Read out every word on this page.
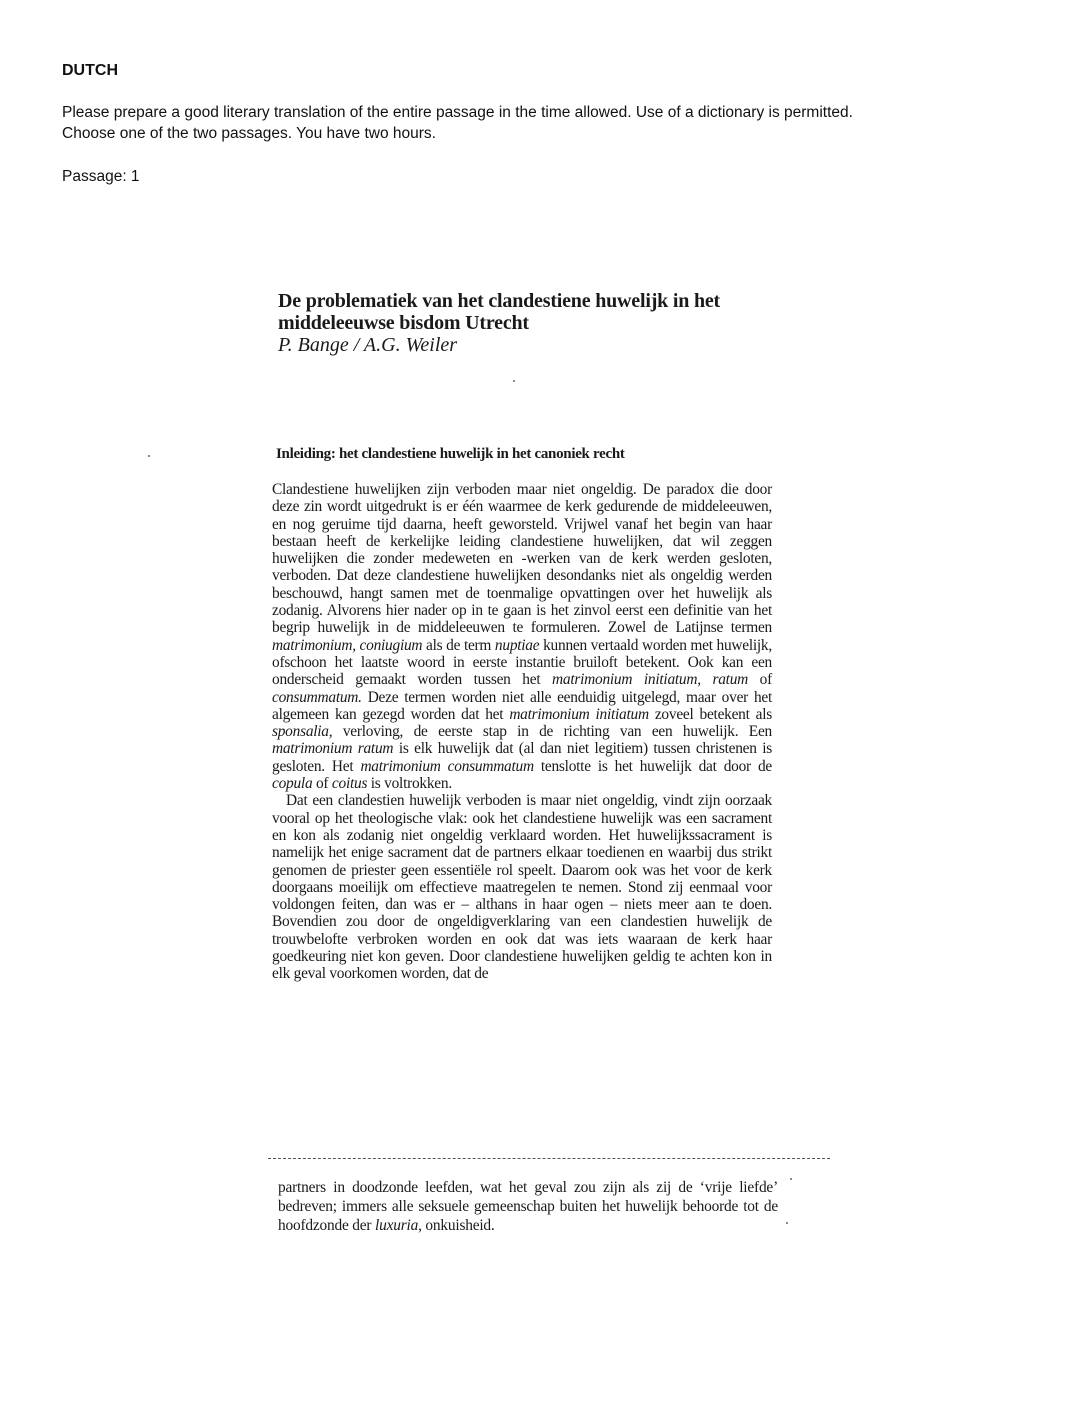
DUTCH

Please prepare a good literary translation of the entire passage in the time allowed. Use of a dictionary is permitted.

Choose one of the two passages. You have two hours.

Passage: 1
De problematiek van het clandestiene huwelijk in het
middeleeuwse bisdom Utrecht
P. Bange / A.G. Weiler
Inleiding: het clandestiene huwelijk in het canoniek recht

Clandestiene huwelijken zijn verboden maar niet ongeldig. De paradox die door deze zin wordt uitgedrukt is er één waarmee de kerk gedurende de middeleeuwen, en nog geruime tijd daarna, heeft geworsteld. Vrijwel vanaf het begin van haar bestaan heeft de kerkelijke leiding clandestiene huwelijken, dat wil zeggen huwelijken die zonder medeweten en -werken van de kerk werden gesloten, verboden. Dat deze clandestiene huwelijken desondanks niet als ongeldig werden beschouwd, hangt samen met de toenmalige opvattingen over het huwelijk als zodanig. Alvorens hier nader op in te gaan is het zinvol eerst een definitie van het begrip huwelijk in de middeleeuwen te formuleren. Zowel de Latijnse termen matrimonium, coniugium als de term nuptiae kunnen vertaald worden met huwelijk, ofschoon het laatste woord in eerste instantie bruiloft betekent. Ook kan een onderscheid gemaakt worden tussen het matrimonium initiatum, ratum of consummatum. Deze termen worden niet alle eenduidig uitgelegd, maar over het algemeen kan gezegd worden dat het matrimonium initiatum zoveel betekent als sponsalia, verloving, de eerste stap in de richting van een huwelijk. Een matrimonium ratum is elk huwelijk dat (al dan niet legitiem) tussen christenen is gesloten. Het matrimonium consummatum tenslotte is het huwelijk dat door de copula of coitus is voltrokken.

Dat een clandestien huwelijk verboden is maar niet ongeldig, vindt zijn oorzaak vooral op het theologische vlak: ook het clandestiene huwelijk was een sacrament en kon als zodanig niet ongeldig verklaard worden. Het huwelijkssacrament is namelijk het enige sacrament dat de partners elkaar toedienen en waarbij dus strikt genomen de priester geen essentiële rol speelt. Daarom ook was het voor de kerk doorgaans moeilijk om effectieve maatregelen te nemen. Stond zij eenmaal voor voldongen feiten, dan was er – althans in haar ogen – niets meer aan te doen. Bovendien zou door de ongeldigverklaring van een clandestien huwelijk de trouwbelofte verbroken worden en ook dat was iets waaraan de kerk haar goedkeuring niet kon geven. Door clandestiene huwelijken geldig te achten kon in elk geval voorkomen worden, dat de

partners in doodzonde leefden, wat het geval zou zijn als zij de ‘vrije liefde’ bedreven; immers alle seksuele gemeenschap buiten het huwelijk behoorde tot de hoofdzonde der luxuria, onkuisheid.
